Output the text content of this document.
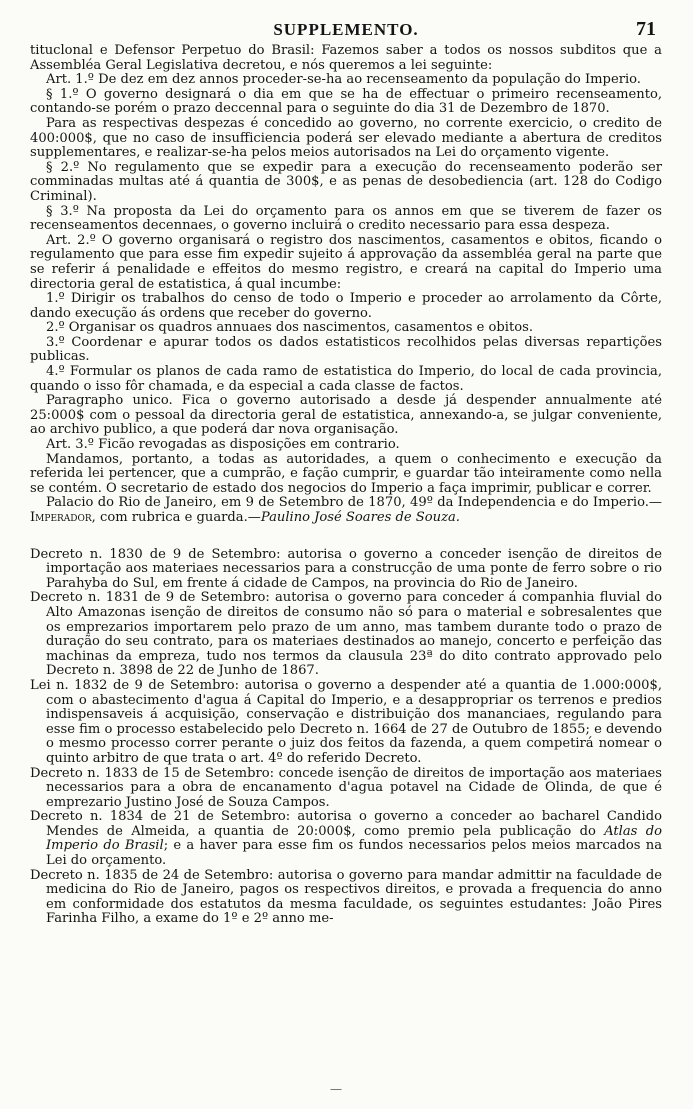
SUPPLEMENTO.	71

tituclonal e Defensor Perpetuo do Brasil: Fazemos saber a todos os nossos subditos que a Assembléa Geral Legislativa decretou, e nós queremos a lei seguinte:

Art. 1.º De dez em dez annos proceder-se-ha ao recenseamento da população do Imperio.

§ 1.º O governo designará o dia em que se ha de effectuar o primeiro recenseamento, contando-se porém o prazo deccennal para o seguinte do dia 31 de Dezembro de 1870.

Para as respectivas despezas é concedido ao governo, no corrente exercicio, o credito de 400:000$, que no caso de insufficiencia poderá ser elevado mediante a abertura de creditos supplementares, e realizar-se-ha pelos meios autorisados na Lei do orçamento vigente.

§ 2.º No regulamento que se expedir para a execução do recenseamento poderão ser comminadas multas até á quantia de 300$, e as penas de desobediencia (art. 128 do Codigo Criminal).

§ 3.º Na proposta da Lei do orçamento para os annos em que se tiverem de fazer os recenseamentos decennaes, o governo incluirá o credito necessario para essa despeza.

Art. 2.º O governo organisará o registro dos nascimentos, casamentos e obitos, ficando o regulamento que para esse fim expedir sujeito á approvação da assembléa geral na parte que se referir á penalidade e effeitos do mesmo registro, e creará na capital do Imperio uma directoria geral de estatistica, á qual incumbe:

1.º Dirigir os trabalhos do censo de todo o Imperio e proceder ao arrolamento da Côrte, dando execução ás ordens que receber do governo.

2.º Organisar os quadros annuaes dos nascimentos, casamentos e obitos.

3.º Coordenar e apurar todos os dados estatisticos recolhidos pelas diversas repartições publicas.

4.º Formular os planos de cada ramo de estatistica do Imperio, do local de cada provincia, quando o isso fôr chamada, e da especial a cada classe de factos.

Paragrapho unico. Fica o governo autorisado a desde já despender annualmente até 25:000$ com o pessoal da directoria geral de estatistica, annexando-a, se julgar conveniente, ao archivo publico, a que poderá dar nova organisação.

Art. 3.º Ficão revogadas as disposições em contrario.

Mandamos, portanto, a todas as autoridades, a quem o conhecimento e execução da referida lei pertencer, que a cumprão, e fação cumprir, e guardar tão inteiramente como nella se contém. O secretario de estado dos negocios do Imperio a faça imprimir, publicar e correr.

Palacio do Rio de Janeiro, em 9 de Setembro de 1870, 49º da Independencia e do Imperio.—Imperador, com rubrica e guarda.—Paulino José Soares de Souza.

Decreto n. 1830 de 9 de Setembro: autorisa o governo a conceder isenção de direitos de importação aos materiaes necessarios para a construcção de uma ponte de ferro sobre o rio Parahyba do Sul, em frente á cidade de Campos, na provincia do Rio de Janeiro.

Decreto n. 1831 de 9 de Setembro: autorisa o governo para conceder á companhia fluvial do Alto Amazonas isenção de direitos de consumo não só para o material e sobresalentes que os emprezarios importarem pelo prazo de um anno, mas tambem durante todo o prazo de duração do seu contrato, para os materiaes destinados ao manejo, concerto e perfeição das machinas da empreza, tudo nos termos da clausula 23ª do dito contrato approvado pelo Decreto n. 3898 de 22 de Junho de 1867.

Lei n. 1832 de 9 de Setembro: autorisa o governo a despender até a quantia de 1.000:000$, com o abastecimento d'agua á Capital do Imperio, e a desappropriar os terrenos e predios indispensaveis á acquisição, conservação e distribuição dos mananciaes, regulando para esse fim o processo estabelecido pelo Decreto n. 1664 de 27 de Outubro de 1855; e devendo o mesmo processo correr perante o juiz dos feitos da fazenda, a quem competirá nomear o quinto arbitro de que trata o art. 4º do referido Decreto.

Decreto n. 1833 de 15 de Setembro: concede isenção de direitos de importação aos materiaes necessarios para a obra de encanamento d'agua potavel na Cidade de Olinda, de que é emprezario Justino José de Souza Campos.

Decreto n. 1834 de 21 de Setembro: autorisa o governo a conceder ao bacharel Candido Mendes de Almeida, a quantia de 20:000$, como premio pela publicação do Atlas do Imperio do Brasil; e a haver para esse fim os fundos necessarios pelos meios marcados na Lei do orçamento.

Decreto n. 1835 de 24 de Setembro: autorisa o governo para mandar admittir na faculdade de medicina do Rio de Janeiro, pagos os respectivos direitos, e provada a frequencia do anno em conformidade dos estatutos da mesma faculdade, os seguintes estudantes: João Pires Farinha Filho, a exame do 1º e 2º anno me-

—
